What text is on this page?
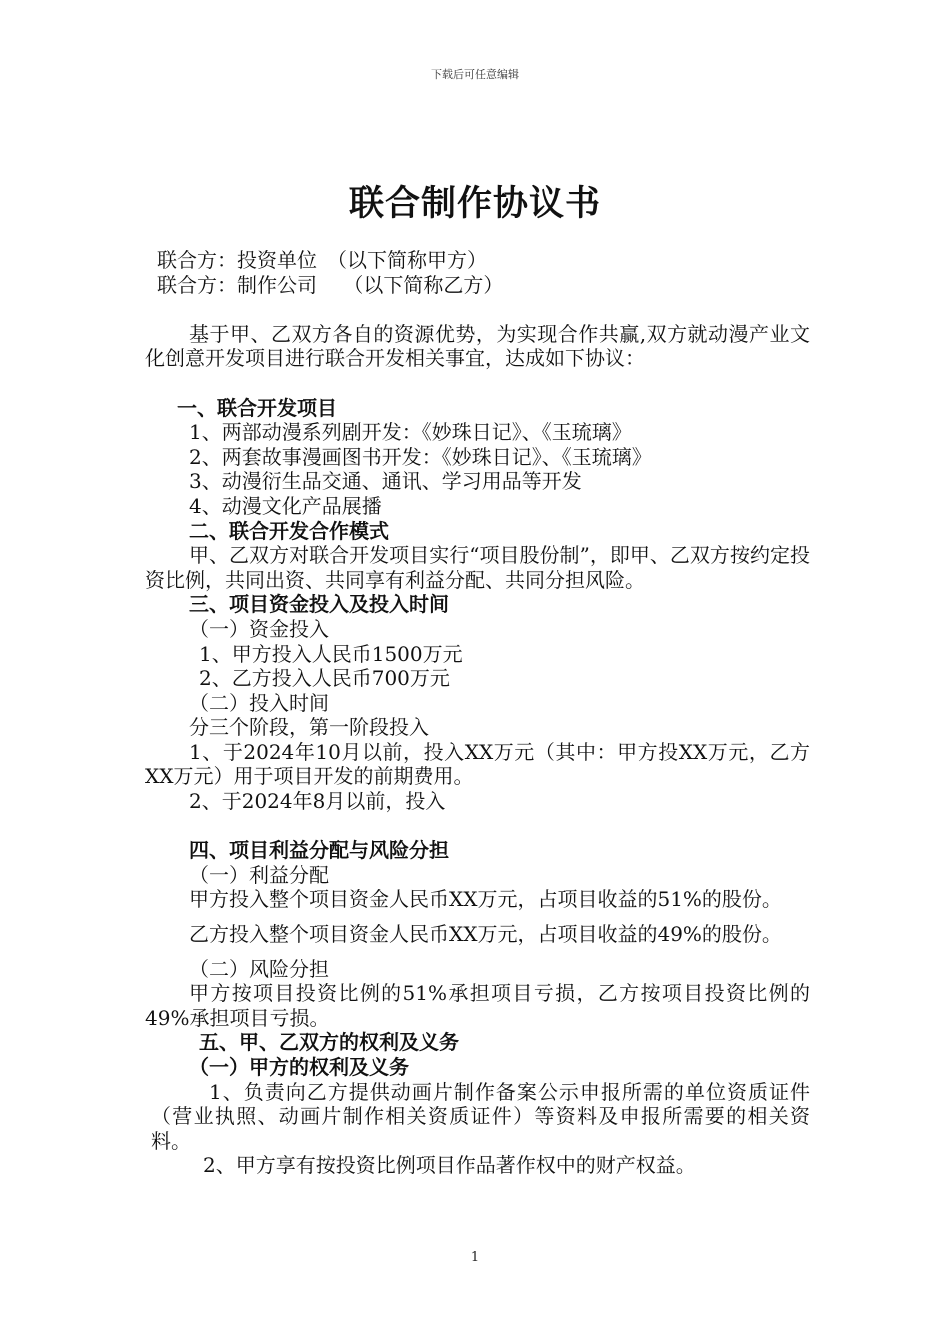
下载后可任意编辑
联合制作协议书

联合方：投资单位　（以下简称甲方）

联合方：制作公司　 （以下简称乙方）

基于甲、乙双方各自的资源优势，为实现合作共赢,双方就动漫产业文化创意开发项目进行联合开发相关事宜，达成如下协议：

一、联合开发项目

1、两部动漫系列剧开发：《妙珠日记》、《玉琉璃》

2、两套故事漫画图书开发：《妙珠日记》、《玉琉璃》

3、动漫衍生品交通、通讯、学习用品等开发

4、动漫文化产品展播

二、联合开发合作模式

甲、乙双方对联合开发项目实行“项目股份制”，即甲、乙双方按约定投资比例，共同出资、共同享有利益分配、共同分担风险。

三、项目资金投入及投入时间

（一）资金投入

1、甲方投入人民币1500万元

2、乙方投入人民币700万元

（二）投入时间

分三个阶段，第一阶段投入

1、于2024年10月以前，投入XX万元（其中：甲方投XX万元，乙方XX万元）用于项目开发的前期费用。

2、于2024年8月以前，投入

四、项目利益分配与风险分担

（一）利益分配

甲方投入整个项目资金人民币XX万元，占项目收益的51%的股份。

乙方投入整个项目资金人民币XX万元，占项目收益的49%的股份。

（二）风险分担

甲方按项目投资比例的51%承担项目亏损，乙方按项目投资比例的49%承担项目亏损。

五、甲、乙双方的权利及义务

（一）甲方的权利及义务

1、负责向乙方提供动画片制作备案公示申报所需的单位资质证件（营业执照、动画片制作相关资质证件）等资料及申报所需要的相关资料。

2、甲方享有按投资比例项目作品著作权中的财产权益。

1
